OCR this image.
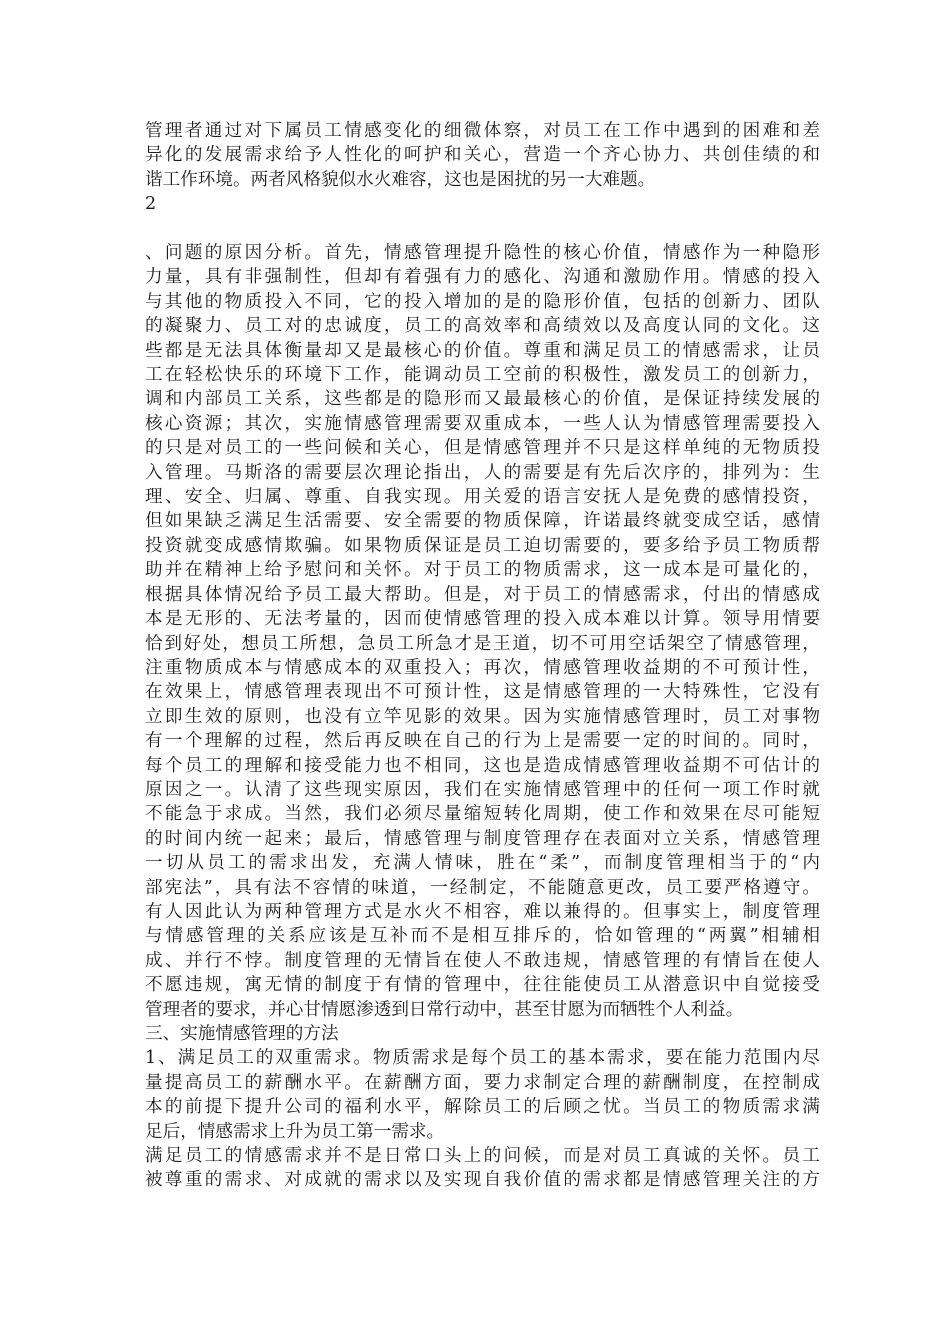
管理者通过对下属员工情感变化的细微体察，对员工在工作中遇到的困难和差
异化的发展需求给予人性化的呵护和关心，营造一个齐心协力、共创佳绩的和
谐工作环境。两者风格貌似水火难容，这也是困扰的另一大难题。
2
、问题的原因分析。首先，情感管理提升隐性的核心价值，情感作为一种隐形
力量，具有非强制性，但却有着强有力的感化、沟通和激励作用。情感的投入
与其他的物质投入不同，它的投入增加的是的隐形价值，包括的创新力、团队
的凝聚力、员工对的忠诚度，员工的高效率和高绩效以及高度认同的文化。这
些都是无法具体衡量却又是最核心的价值。尊重和满足员工的情感需求，让员
工在轻松快乐的环境下工作，能调动员工空前的积极性，激发员工的创新力，
调和内部员工关系，这些都是的隐形而又最最核心的价值，是保证持续发展的
核心资源；其次，实施情感管理需要双重成本，一些人认为情感管理需要投入
的只是对员工的一些问候和关心，但是情感管理并不只是这样单纯的无物质投
入管理。马斯洛的需要层次理论指出，人的需要是有先后次序的，排列为：生
理、安全、归属、尊重、自我实现。用关爱的语言安抚人是免费的感情投资，
但如果缺乏满足生活需要、安全需要的物质保障，许诺最终就变成空话，感情
投资就变成感情欺骗。如果物质保证是员工迫切需要的，要多给予员工物质帮
助并在精神上给予慰问和关怀。对于员工的物质需求，这一成本是可量化的，
根据具体情况给予员工最大帮助。但是，对于员工的情感需求，付出的情感成
本是无形的、无法考量的，因而使情感管理的投入成本难以计算。领导用情要
恰到好处，想员工所想，急员工所急才是王道，切不可用空话架空了情感管理，
注重物质成本与情感成本的双重投入；再次，情感管理收益期的不可预计性，
在效果上，情感管理表现出不可预计性，这是情感管理的一大特殊性，它没有
立即生效的原则，也没有立竿见影的效果。因为实施情感管理时，员工对事物
有一个理解的过程，然后再反映在自己的行为上是需要一定的时间的。同时，
每个员工的理解和接受能力也不相同，这也是造成情感管理收益期不可估计的
原因之一。认清了这些现实原因，我们在实施情感管理中的任何一项工作时就
不能急于求成。当然，我们必须尽量缩短转化周期，使工作和效果在尽可能短
的时间内统一起来；最后，情感管理与制度管理存在表面对立关系，情感管理
一切从员工的需求出发，充满人情味，胜在“柔”，而制度管理相当于的“内
部宪法”，具有法不容情的味道，一经制定，不能随意更改，员工要严格遵守。
有人因此认为两种管理方式是水火不相容，难以兼得的。但事实上，制度管理
与情感管理的关系应该是互补而不是相互排斥的，恰如管理的“两翼”相辅相
成、并行不悖。制度管理的无情旨在使人不敢违规，情感管理的有情旨在使人
不愿违规，寓无情的制度于有情的管理中，往往能使员工从潜意识中自觉接受
管理者的要求，并心甘情愿渗透到日常行动中，甚至甘愿为而牺牲个人利益。
三、实施情感管理的方法
1、满足员工的双重需求。物质需求是每个员工的基本需求，要在能力范围内尽
量提高员工的薪酬水平。在薪酬方面，要力求制定合理的薪酬制度，在控制成
本的前提下提升公司的福利水平，解除员工的后顾之忧。当员工的物质需求满
足后，情感需求上升为员工第一需求。
满足员工的情感需求并不是日常口头上的问候，而是对员工真诚的关怀。员工
被尊重的需求、对成就的需求以及实现自我价值的需求都是情感管理关注的方
